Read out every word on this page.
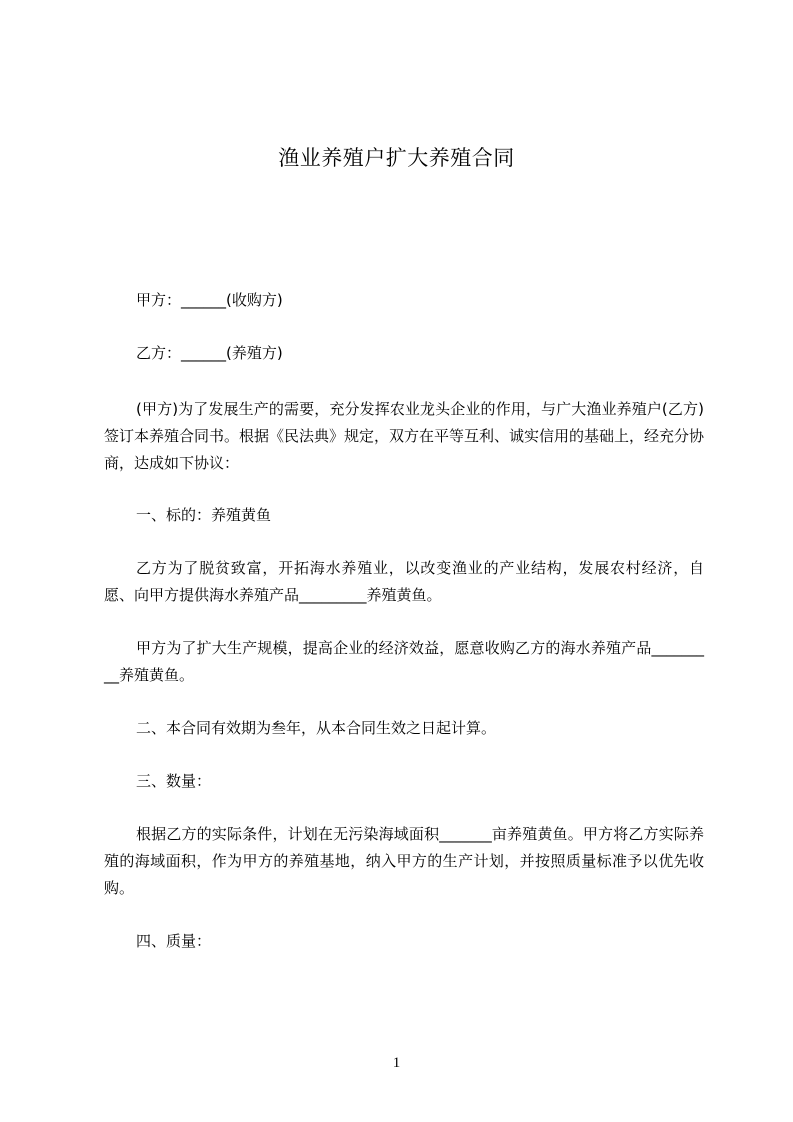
渔业养殖户扩大养殖合同
甲方：______(收购方)
乙方：______(养殖方)
(甲方)为了发展生产的需要，充分发挥农业龙头企业的作用，与广大渔业养殖户(乙方)签订本养殖合同书。根据《民法典》规定，双方在平等互利、诚实信用的基础上，经充分协商，达成如下协议：
一、标的：养殖黄鱼
乙方为了脱贫致富，开拓海水养殖业，以改变渔业的产业结构，发展农村经济，自愿、向甲方提供海水养殖产品_________养殖黄鱼。
甲方为了扩大生产规模，提高企业的经济效益，愿意收购乙方的海水养殖产品_________养殖黄鱼。
二、本合同有效期为叁年，从本合同生效之日起计算。
三、数量：
根据乙方的实际条件，计划在无污染海域面积_______亩养殖黄鱼。甲方将乙方实际养殖的海域面积，作为甲方的养殖基地，纳入甲方的生产计划，并按照质量标准予以优先收购。
四、质量：
1
